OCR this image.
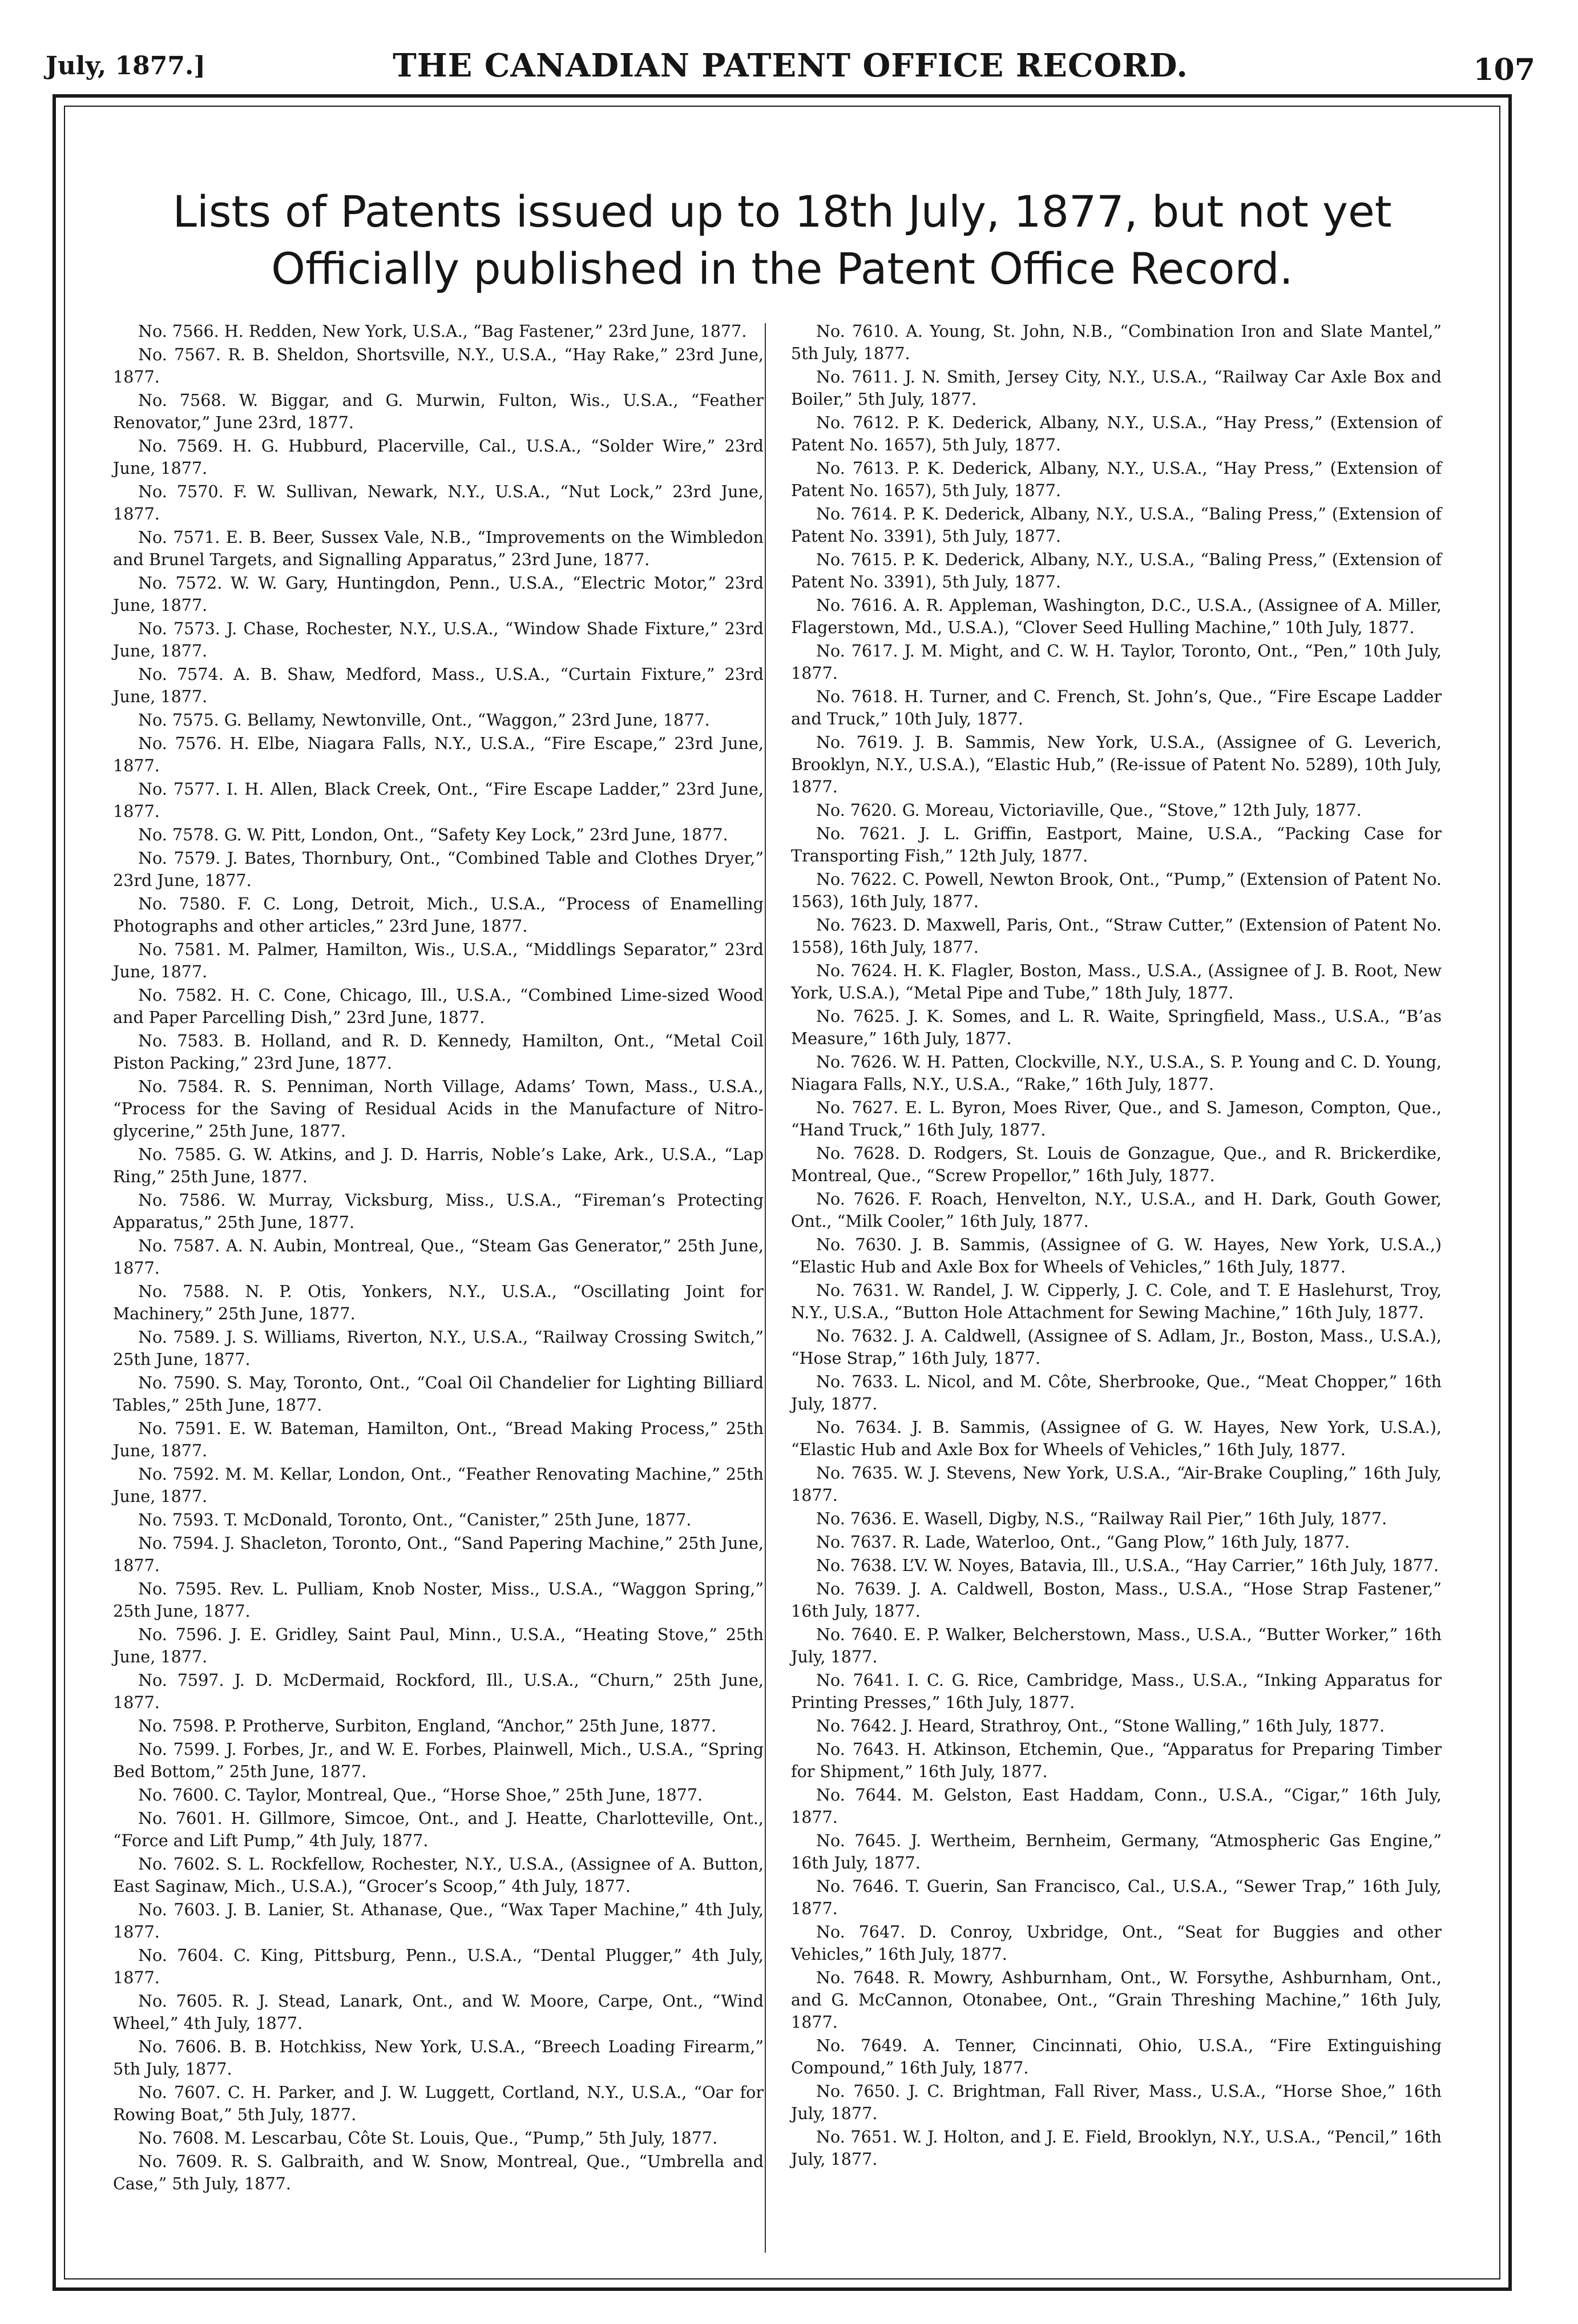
July, 1877.]	THE CANADIAN PATENT OFFICE RECORD.	107
Lists of Patents issued up to 18th July, 1877, but not yet
Officially published in the Patent Office Record.

No. 7566. H. Redden, New York, U.S.A., “Bag Fastener,” 23rd June, 1877.

No. 7567. R. B. Sheldon, Shortsville, N.Y., U.S.A., “Hay Rake,” 23rd June, 1877.

No. 7568. W. Biggar, and G. Murwin, Fulton, Wis., U.S.A., “Feather Renovator,” June 23rd, 1877.

No. 7569. H. G. Hubburd, Placerville, Cal., U.S.A., “Solder Wire,” 23rd June, 1877.

No. 7570. F. W. Sullivan, Newark, N.Y., U.S.A., “Nut Lock,” 23rd June, 1877.

No. 7571. E. B. Beer, Sussex Vale, N.B., “Improvements on the Wimbledon and Brunel Targets, and Signalling Apparatus,” 23rd June, 1877.

No. 7572. W. W. Gary, Huntingdon, Penn., U.S.A., “Electric Motor,” 23rd June, 1877.

No. 7573. J. Chase, Rochester, N.Y., U.S.A., “Window Shade Fixture,” 23rd June, 1877.

No. 7574. A. B. Shaw, Medford, Mass., U.S.A., “Curtain Fixture,” 23rd June, 1877.

No. 7575. G. Bellamy, Newtonville, Ont., “Waggon,” 23rd June, 1877.

No. 7576. H. Elbe, Niagara Falls, N.Y., U.S.A., “Fire Escape,” 23rd June, 1877.

No. 7577. I. H. Allen, Black Creek, Ont., “Fire Escape Ladder,” 23rd June, 1877.

No. 7578. G. W. Pitt, London, Ont., “Safety Key Lock,” 23rd June, 1877.

No. 7579. J. Bates, Thornbury, Ont., “Combined Table and Clothes Dryer,” 23rd June, 1877.

No. 7580. F. C. Long, Detroit, Mich., U.S.A., “Process of Enamelling Photographs and other articles,” 23rd June, 1877.

No. 7581. M. Palmer, Hamilton, Wis., U.S.A., “Middlings Separator,” 23rd June, 1877.

No. 7582. H. C. Cone, Chicago, Ill., U.S.A., “Combined Lime-sized Wood and Paper Parcelling Dish,” 23rd June, 1877.

No. 7583. B. Holland, and R. D. Kennedy, Hamilton, Ont., “Metal Coil Piston Packing,” 23rd June, 1877.

No. 7584. R. S. Penniman, North Village, Adams’ Town, Mass., U.S.A., “Process for the Saving of Residual Acids in the Manufacture of Nitro-glycerine,” 25th June, 1877.

No. 7585. G. W. Atkins, and J. D. Harris, Noble’s Lake, Ark., U.S.A., “Lap Ring,” 25th June, 1877.

No. 7586. W. Murray, Vicksburg, Miss., U.S.A., “Fireman’s Protecting Apparatus,” 25th June, 1877.

No. 7587. A. N. Aubin, Montreal, Que., “Steam Gas Generator,” 25th June, 1877.

No. 7588. N. P. Otis, Yonkers, N.Y., U.S.A., “Oscillating Joint for Machinery,” 25th June, 1877.

No. 7589. J. S. Williams, Riverton, N.Y., U.S.A., “Railway Crossing Switch,” 25th June, 1877.

No. 7590. S. May, Toronto, Ont., “Coal Oil Chandelier for Lighting Billiard Tables,” 25th June, 1877.

No. 7591. E. W. Bateman, Hamilton, Ont., “Bread Making Process,” 25th June, 1877.

No. 7592. M. M. Kellar, London, Ont., “Feather Renovating Machine,” 25th June, 1877.

No. 7593. T. McDonald, Toronto, Ont., “Canister,” 25th June, 1877.

No. 7594. J. Shacleton, Toronto, Ont., “Sand Papering Machine,” 25th June, 1877.

No. 7595. Rev. L. Pulliam, Knob Noster, Miss., U.S.A., “Waggon Spring,” 25th June, 1877.

No. 7596. J. E. Gridley, Saint Paul, Minn., U.S.A., “Heating Stove,” 25th June, 1877.

No. 7597. J. D. McDermaid, Rockford, Ill., U.S.A., “Churn,” 25th June, 1877.

No. 7598. P. Protherve, Surbiton, England, “Anchor,” 25th June, 1877.

No. 7599. J. Forbes, Jr., and W. E. Forbes, Plainwell, Mich., U.S.A., “Spring Bed Bottom,” 25th June, 1877.

No. 7600. C. Taylor, Montreal, Que., “Horse Shoe,” 25th June, 1877.

No. 7601. H. Gillmore, Simcoe, Ont., and J. Heatte, Charlotteville, Ont., “Force and Lift Pump,” 4th July, 1877.

No. 7602. S. L. Rockfellow, Rochester, N.Y., U.S.A., (Assignee of A. Button, East Saginaw, Mich., U.S.A.), “Grocer’s Scoop,” 4th July, 1877.

No. 7603. J. B. Lanier, St. Athanase, Que., “Wax Taper Machine,” 4th July, 1877.

No. 7604. C. King, Pittsburg, Penn., U.S.A., “Dental Plugger,” 4th July, 1877.

No. 7605. R. J. Stead, Lanark, Ont., and W. Moore, Carpe, Ont., “Wind Wheel,” 4th July, 1877.

No. 7606. B. B. Hotchkiss, New York, U.S.A., “Breech Loading Firearm,” 5th July, 1877.

No. 7607. C. H. Parker, and J. W. Luggett, Cortland, N.Y., U.S.A., “Oar for Rowing Boat,” 5th July, 1877.

No. 7608. M. Lescarbau, Côte St. Louis, Que., “Pump,” 5th July, 1877.

No. 7609. R. S. Galbraith, and W. Snow, Montreal, Que., “Umbrella and Case,” 5th July, 1877.

No. 7610. A. Young, St. John, N.B., “Combination Iron and Slate Mantel,” 5th July, 1877.

No. 7611. J. N. Smith, Jersey City, N.Y., U.S.A., “Railway Car Axle Box and Boiler,” 5th July, 1877.

No. 7612. P. K. Dederick, Albany, N.Y., U.S.A., “Hay Press,” (Extension of Patent No. 1657), 5th July, 1877.

No. 7613. P. K. Dederick, Albany, N.Y., U.S.A., “Hay Press,” (Extension of Patent No. 1657), 5th July, 1877.

No. 7614. P. K. Dederick, Albany, N.Y., U.S.A., “Baling Press,” (Extension of Patent No. 3391), 5th July, 1877.

No. 7615. P. K. Dederick, Albany, N.Y., U.S.A., “Baling Press,” (Extension of Patent No. 3391), 5th July, 1877.

No. 7616. A. R. Appleman, Washington, D.C., U.S.A., (Assignee of A. Miller, Flagerstown, Md., U.S.A.), “Clover Seed Hulling Machine,” 10th July, 1877.

No. 7617. J. M. Might, and C. W. H. Taylor, Toronto, Ont., “Pen,” 10th July, 1877.

No. 7618. H. Turner, and C. French, St. John’s, Que., “Fire Escape Ladder and Truck,” 10th July, 1877.

No. 7619. J. B. Sammis, New York, U.S.A., (Assignee of G. Leverich, Brooklyn, N.Y., U.S.A.), “Elastic Hub,” (Re-issue of Patent No. 5289), 10th July, 1877.

No. 7620. G. Moreau, Victoriaville, Que., “Stove,” 12th July, 1877.

No. 7621. J. L. Griffin, Eastport, Maine, U.S.A., “Packing Case for Transporting Fish,” 12th July, 1877.

No. 7622. C. Powell, Newton Brook, Ont., “Pump,” (Extension of Patent No. 1563), 16th July, 1877.

No. 7623. D. Maxwell, Paris, Ont., “Straw Cutter,” (Extension of Patent No. 1558), 16th July, 1877.

No. 7624. H. K. Flagler, Boston, Mass., U.S.A., (Assignee of J. B. Root, New York, U.S.A.), “Metal Pipe and Tube,” 18th July, 1877.

No. 7625. J. K. Somes, and L. R. Waite, Springfield, Mass., U.S.A., “B’as Measure,” 16th July, 1877.

No. 7626. W. H. Patten, Clockville, N.Y., U.S.A., S. P. Young and C. D. Young, Niagara Falls, N.Y., U.S.A., “Rake,” 16th July, 1877.

No. 7627. E. L. Byron, Moes River, Que., and S. Jameson, Compton, Que., “Hand Truck,” 16th July, 1877.

No. 7628. D. Rodgers, St. Louis de Gonzague, Que., and R. Brickerdike, Montreal, Que., “Screw Propellor,” 16th July, 1877.

No. 7626. F. Roach, Henvelton, N.Y., U.S.A., and H. Dark, Gouth Gower, Ont., “Milk Cooler,” 16th July, 1877.

No. 7630. J. B. Sammis, (Assignee of G. W. Hayes, New York, U.S.A.,) “Elastic Hub and Axle Box for Wheels of Vehicles,” 16th July, 1877.

No. 7631. W. Randel, J. W. Cipperly, J. C. Cole, and T. E Haslehurst, Troy, N.Y., U.S.A., “Button Hole Attachment for Sewing Machine,” 16th July, 1877.

No. 7632. J. A. Caldwell, (Assignee of S. Adlam, Jr., Boston, Mass., U.S.A.), “Hose Strap,” 16th July, 1877.

No. 7633. L. Nicol, and M. Côte, Sherbrooke, Que., “Meat Chopper,” 16th July, 1877.

No. 7634. J. B. Sammis, (Assignee of G. W. Hayes, New York, U.S.A.), “Elastic Hub and Axle Box for Wheels of Vehicles,” 16th July, 1877.

No. 7635. W. J. Stevens, New York, U.S.A., “Air-Brake Coupling,” 16th July, 1877.

No. 7636. E. Wasell, Digby, N.S., “Railway Rail Pier,” 16th July, 1877.

No. 7637. R. Lade, Waterloo, Ont., “Gang Plow,” 16th July, 1877.

No. 7638. L’V. W. Noyes, Batavia, Ill., U.S.A., “Hay Carrier,” 16th July, 1877.

No. 7639. J. A. Caldwell, Boston, Mass., U.S.A., “Hose Strap Fastener,” 16th July, 1877.

No. 7640. E. P. Walker, Belcherstown, Mass., U.S.A., “Butter Worker,” 16th July, 1877.

No. 7641. I. C. G. Rice, Cambridge, Mass., U.S.A., “Inking Apparatus for Printing Presses,” 16th July, 1877.

No. 7642. J. Heard, Strathroy, Ont., “Stone Walling,” 16th July, 1877.

No. 7643. H. Atkinson, Etchemin, Que., “Apparatus for Preparing Timber for Shipment,” 16th July, 1877.

No. 7644. M. Gelston, East Haddam, Conn., U.S.A., “Cigar,” 16th July, 1877.

No. 7645. J. Wertheim, Bernheim, Germany, “Atmospheric Gas Engine,” 16th July, 1877.

No. 7646. T. Guerin, San Francisco, Cal., U.S.A., “Sewer Trap,” 16th July, 1877.

No. 7647. D. Conroy, Uxbridge, Ont., “Seat for Buggies and other Vehicles,” 16th July, 1877.

No. 7648. R. Mowry, Ashburnham, Ont., W. Forsythe, Ashburnham, Ont., and G. McCannon, Otonabee, Ont., “Grain Threshing Machine,” 16th July, 1877.

No. 7649. A. Tenner, Cincinnati, Ohio, U.S.A., “Fire Extinguishing Compound,” 16th July, 1877.

No. 7650. J. C. Brightman, Fall River, Mass., U.S.A., “Horse Shoe,” 16th July, 1877.

No. 7651. W. J. Holton, and J. E. Field, Brooklyn, N.Y., U.S.A., “Pencil,” 16th July, 1877.
